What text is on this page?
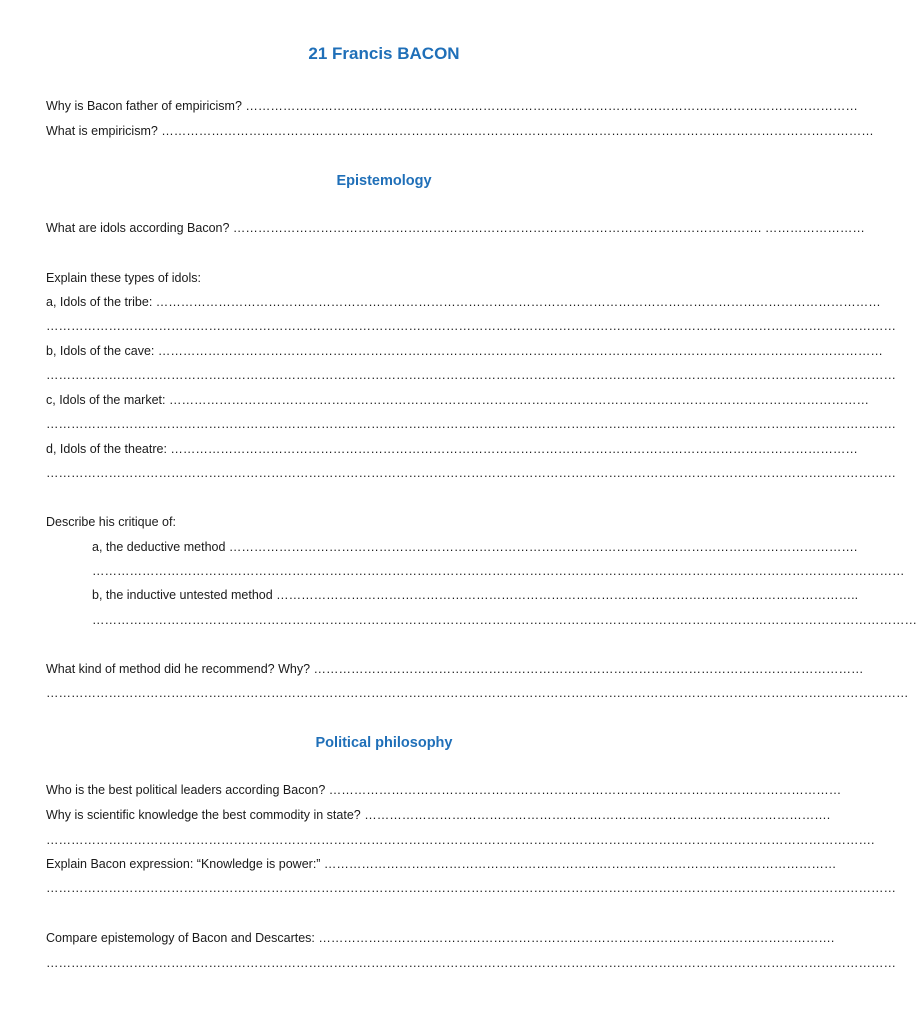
21 Francis BACON
Why is Bacon father of empiricism? …………………………………………………………………………………………………………………………………
What is empiricism? ………………………………………………………………………………………………………………………………………………………
Epistemology
What are idols according Bacon? ………………………………………………………………………………………………………………. ……………………
Explain these types of idols:
a, Idols of the tribe: …………………………………………………………………………………………………………………………………………………………
……………………………………………………………………………………………………………………………………………………………………………………
b, Idols of the cave: …………………………………………………………………………………………………………………………………………………………
……………………………………………………………………………………………………………………………………………………………………………………
c, Idols of the market: ……………………………………………………………………………………………………………………………………………………
……………………………………………………………………………………………………………………………………………………………………………………
d, Idols of the theatre: …………………………………………………………………………………………………………………………………………………
……………………………………………………………………………………………………………………………………………………………………………………
Describe his critique of:
a, the deductive method …………………………………………………………………………………………………………………………………….
……………………………………………………………………………………………………………………………………………………………………………
b, the inductive untested method …………………………………………………………………………………………………………………………..
………………………………………………………………………………………………………………………………………………………………………………
What kind of method did he recommend? Why? ……………………………………………………………………………………………………………………
………………………………………………………………………………………………………………………………………………………………………………………
Political philosophy
Who is the best political leaders according Bacon? ……………………………………………………………………………………………………………
Why is scientific knowledge the best commodity in state? ………………………………………………………………………………………………….
……………………………………………………………………………………………………………………………………………………………………………….
Explain Bacon expression: “Knowledge is power:” ……………………………………………………………………………………………………………
……………………………………………………………………………………………………………………………………………………………………………………
Compare epistemology of Bacon and Descartes: …………………………………………………………………………………………………………….
……………………………………………………………………………………………………………………………………………………………………………………
